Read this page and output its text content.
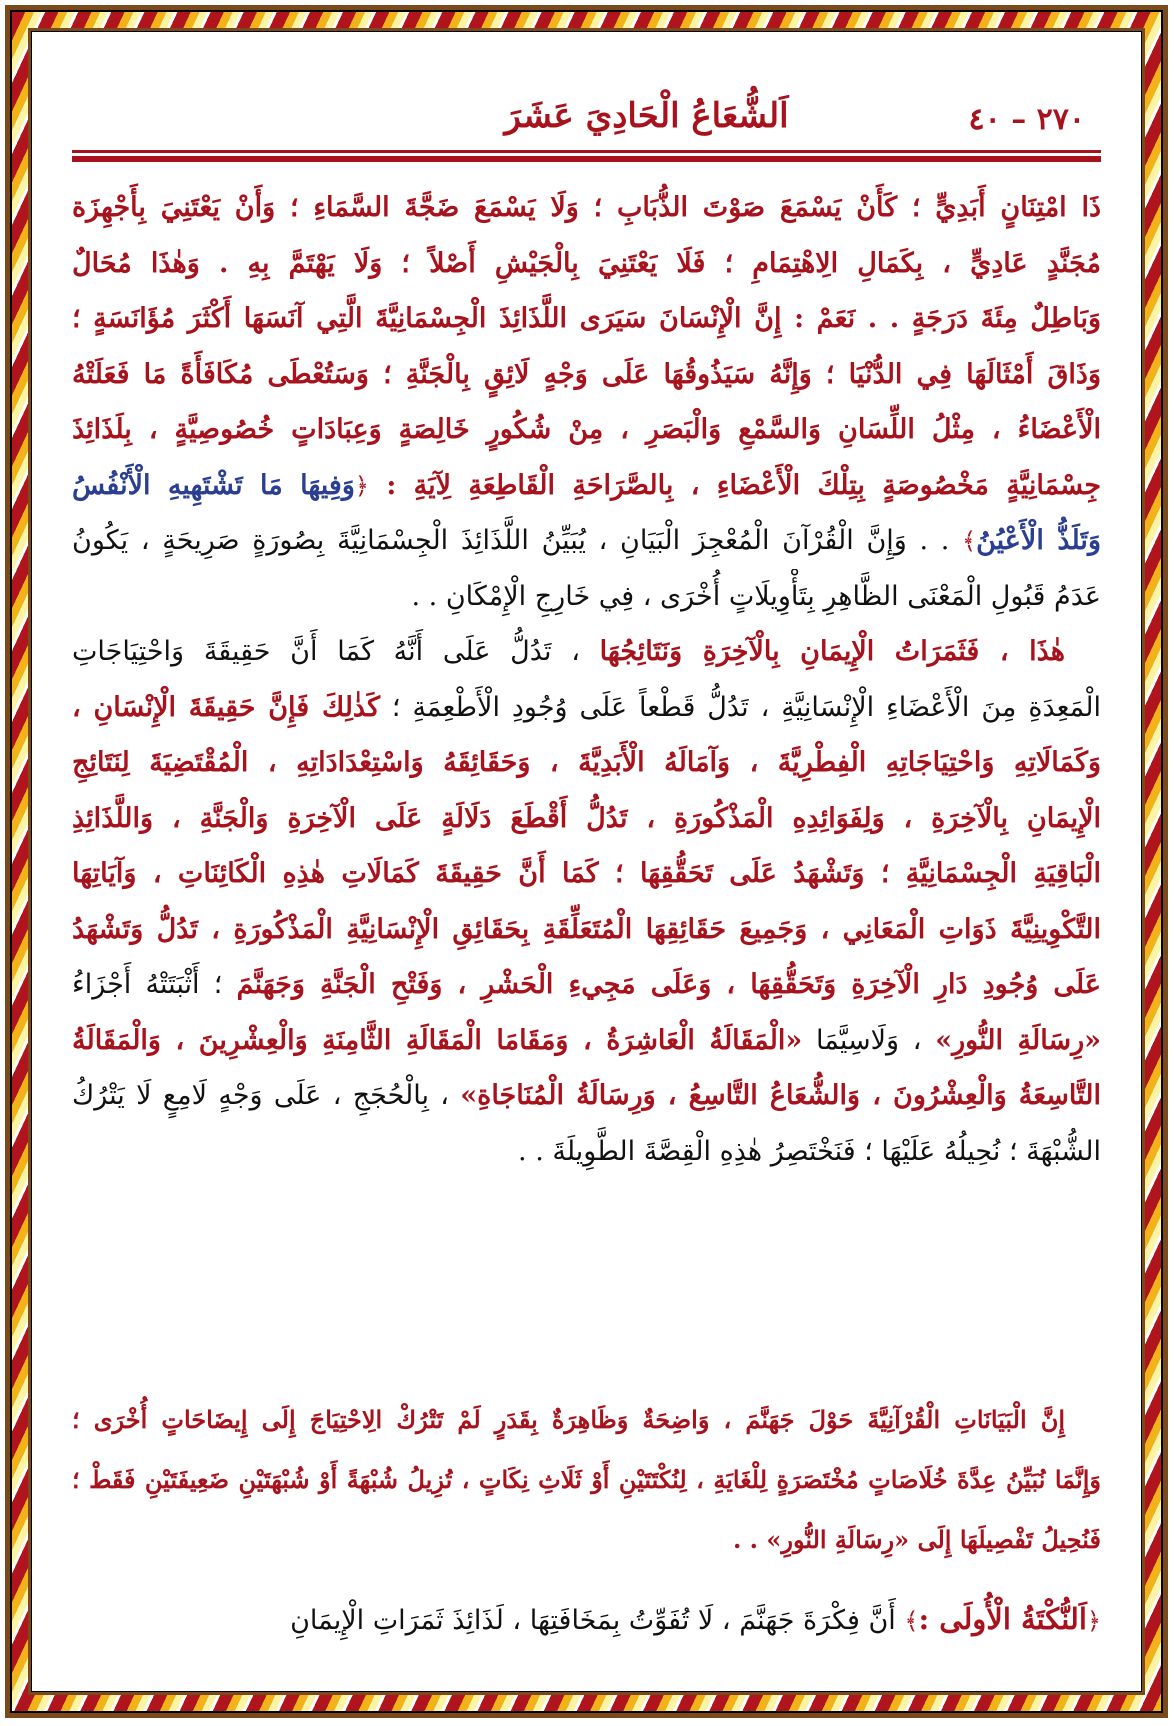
٢٧٠ – ٤٠
اَلشُّعَاعُ الْحَادِيَ عَشَرَ
ذَا امْتِنَانٍ أَبَدِيٍّ ؛ كَأَنْ يَسْمَعَ صَوْتَ الذُّبَابِ ؛ وَلَا يَسْمَعَ ضَجَّةَ السَّمَاءِ ؛ وَأَنْ يَعْتَنِيَ بِأَجْهِزَة
مُجَنَّدٍ عَادِيٍّ ، بِكَمَالِ الِاهْتِمَامِ ؛ فَلَا يَعْتَنِيَ بِالْجَيْشِ أَصْلاً ؛ وَلَا يَهْتَمَّ بِهِ . وَهٰذَا مُحَالٌ
وَبَاطِلٌ مِئَةَ دَرَجَةٍ . . نَعَمْ : إِنَّ الْإِنْسَانَ سَيَرَى اللَّذَائِذَ الْجِسْمَانِيَّةَ الَّتِي آنَسَهَا أَكْثَرَ مُؤَانَسَةٍ ؛
وَذَاقَ أَمْثَالَهَا فِي الدُّنْيَا ؛ وَإِنَّهُ سَيَذُوقُهَا عَلَى وَجْهٍ لَائِقٍ بِالْجَنَّةِ ؛ وَسَتُعْطَى مُكَافَأَةً مَا فَعَلَتْهُ
الْأَعْضَاءُ ، مِثْلُ اللِّسَانِ وَالسَّمْعِ وَالْبَصَرِ ، مِنْ شُكُورٍ خَالِصَةٍ وَعِبَادَاتٍ خُصُوصِيَّةٍ ، بِلَذَائِذَ
جِسْمَانِيَّةٍ مَخْصُوصَةٍ بِتِلْكَ الْأَعْضَاءِ ، بِالصَّرَاحَةِ الْقَاطِعَةِ لِآيَةِ : ﴿وَفِيهَا مَا تَشْتَهِيهِ الْأَنْفُسُ
وَتَلَذُّ الْأَعْيُنُ﴾ . . وَإِنَّ الْقُرْآنَ الْمُعْجِزَ الْبَيَانِ ، يُبَيِّنُ اللَّذَائِذَ الْجِسْمَانِيَّةَ بِصُورَةٍ صَرِيحَةٍ ، يَكُونُ
عَدَمُ قَبُولِ الْمَعْنَى الظَّاهِرِ بِتَأْوِيلَاتٍ أُخْرَى ، فِي خَارِجِ الْإِمْكَانِ . .
هٰذَا ، فَثَمَرَاتُ الْإِيمَانِ بِالْآخِرَةِ وَنَتَائِجُهَا ، تَدُلُّ عَلَى أَنَّهُ كَمَا أَنَّ حَقِيقَةَ وَاحْتِيَاجَاتِ
الْمَعِدَةِ مِنَ الْأَعْضَاءِ الْإِنْسَانِيَّةِ ، تَدُلُّ قَطْعاً عَلَى وُجُودِ الْأَطْعِمَةِ ؛ كَذٰلِكَ فَإِنَّ حَقِيقَةَ الْإِنْسَانِ ،
وَكَمَالَاتِهِ وَاحْتِيَاجَاتِهِ الْفِطْرِيَّةَ ، وَآمَالَهُ الْأَبَدِيَّةَ ، وَحَقَائِقَهُ وَاسْتِعْدَادَاتِهِ ، الْمُقْتَضِيَةَ لِنَتَائِجِ
الْإِيمَانِ بِالْآخِرَةِ ، وَلِفَوَائِدِهِ الْمَذْكُورَةِ ، تَدُلُّ أَقْطَعَ دَلَالَةٍ عَلَى الْآخِرَةِ وَالْجَنَّةِ ، وَاللَّذَائِذِ
الْبَاقِيَةِ الْجِسْمَانِيَّةِ ؛ وَتَشْهَدُ عَلَى تَحَقُّقِهَا ؛ كَمَا أَنَّ حَقِيقَةَ كَمَالَاتِ هٰذِهِ الْكَائِنَاتِ ، وَآيَاتِهَا
التَّكْوِينِيَّةَ ذَوَاتِ الْمَعَانِي ، وَجَمِيعَ حَقَائِقِهَا الْمُتَعَلِّقَةِ بِحَقَائِقِ الْإِنْسَانِيَّةِ الْمَذْكُورَةِ ، تَدُلُّ وَتَشْهَدُ
عَلَى وُجُودِ دَارِ الْآخِرَةِ وَتَحَقُّقِهَا ، وَعَلَى مَجِيءِ الْحَشْرِ ، وَفَتْحِ الْجَنَّةِ وَجَهَنَّمَ ؛ أَثْبَتَتْهُ أَجْزَاءُ
«رِسَالَةِ النُّورِ» ، وَلَاسِيَّمَا «الْمَقَالَةُ الْعَاشِرَةُ ، وَمَقَامَا الْمَقَالَةِ الثَّامِنَةِ وَالْعِشْرِينَ ، وَالْمَقَالَةُ
التَّاسِعَةُ وَالْعِشْرُونَ ، وَالشُّعَاعُ التَّاسِعُ ، وَرِسَالَةُ الْمُنَاجَاةِ» ، بِالْحُجَجِ ، عَلَى وَجْهٍ لَامِعٍ لَا يَتْرُكُ
الشُّبْهَةَ ؛ نُحِيلُهُ عَلَيْهَا ؛ فَنَخْتَصِرُ هٰذِهِ الْقِصَّةَ الطَّوِيلَةَ . .
إِنَّ الْبَيَانَاتِ الْقُرْآنِيَّةَ حَوْلَ جَهَنَّمَ ، وَاضِحَةٌ وَظَاهِرَةٌ بِقَدَرٍ لَمْ تَتْرُكْ الِاحْتِيَاجَ إِلَى إِيضَاحَاتٍ أُخْرَى ؛
وَإِنَّمَا نُبَيِّنُ عِدَّةَ خُلَاصَاتٍ مُخْتَصَرَةٍ لِلْغَايَةِ ، لِنُكْتَتَيْنِ أَوْ ثَلَاثِ نِكَاتٍ ، تُزِيلُ شُبْهَةً أَوْ شُبْهَتَيْنِ ضَعِيفَتَيْنِ فَقَطْ ؛
فَنُحِيلُ تَفْصِيلَهَا إِلَى «رِسَالَةِ النُّورِ» . .
﴿اَلنُّكْتَةُ الْأُولَى :﴾ أَنَّ فِكْرَةَ جَهَنَّمَ ، لَا تُفَوِّتُ بِمَخَافَتِهَا ، لَذَائِذَ ثَمَرَاتِ الْإِيمَانِ
